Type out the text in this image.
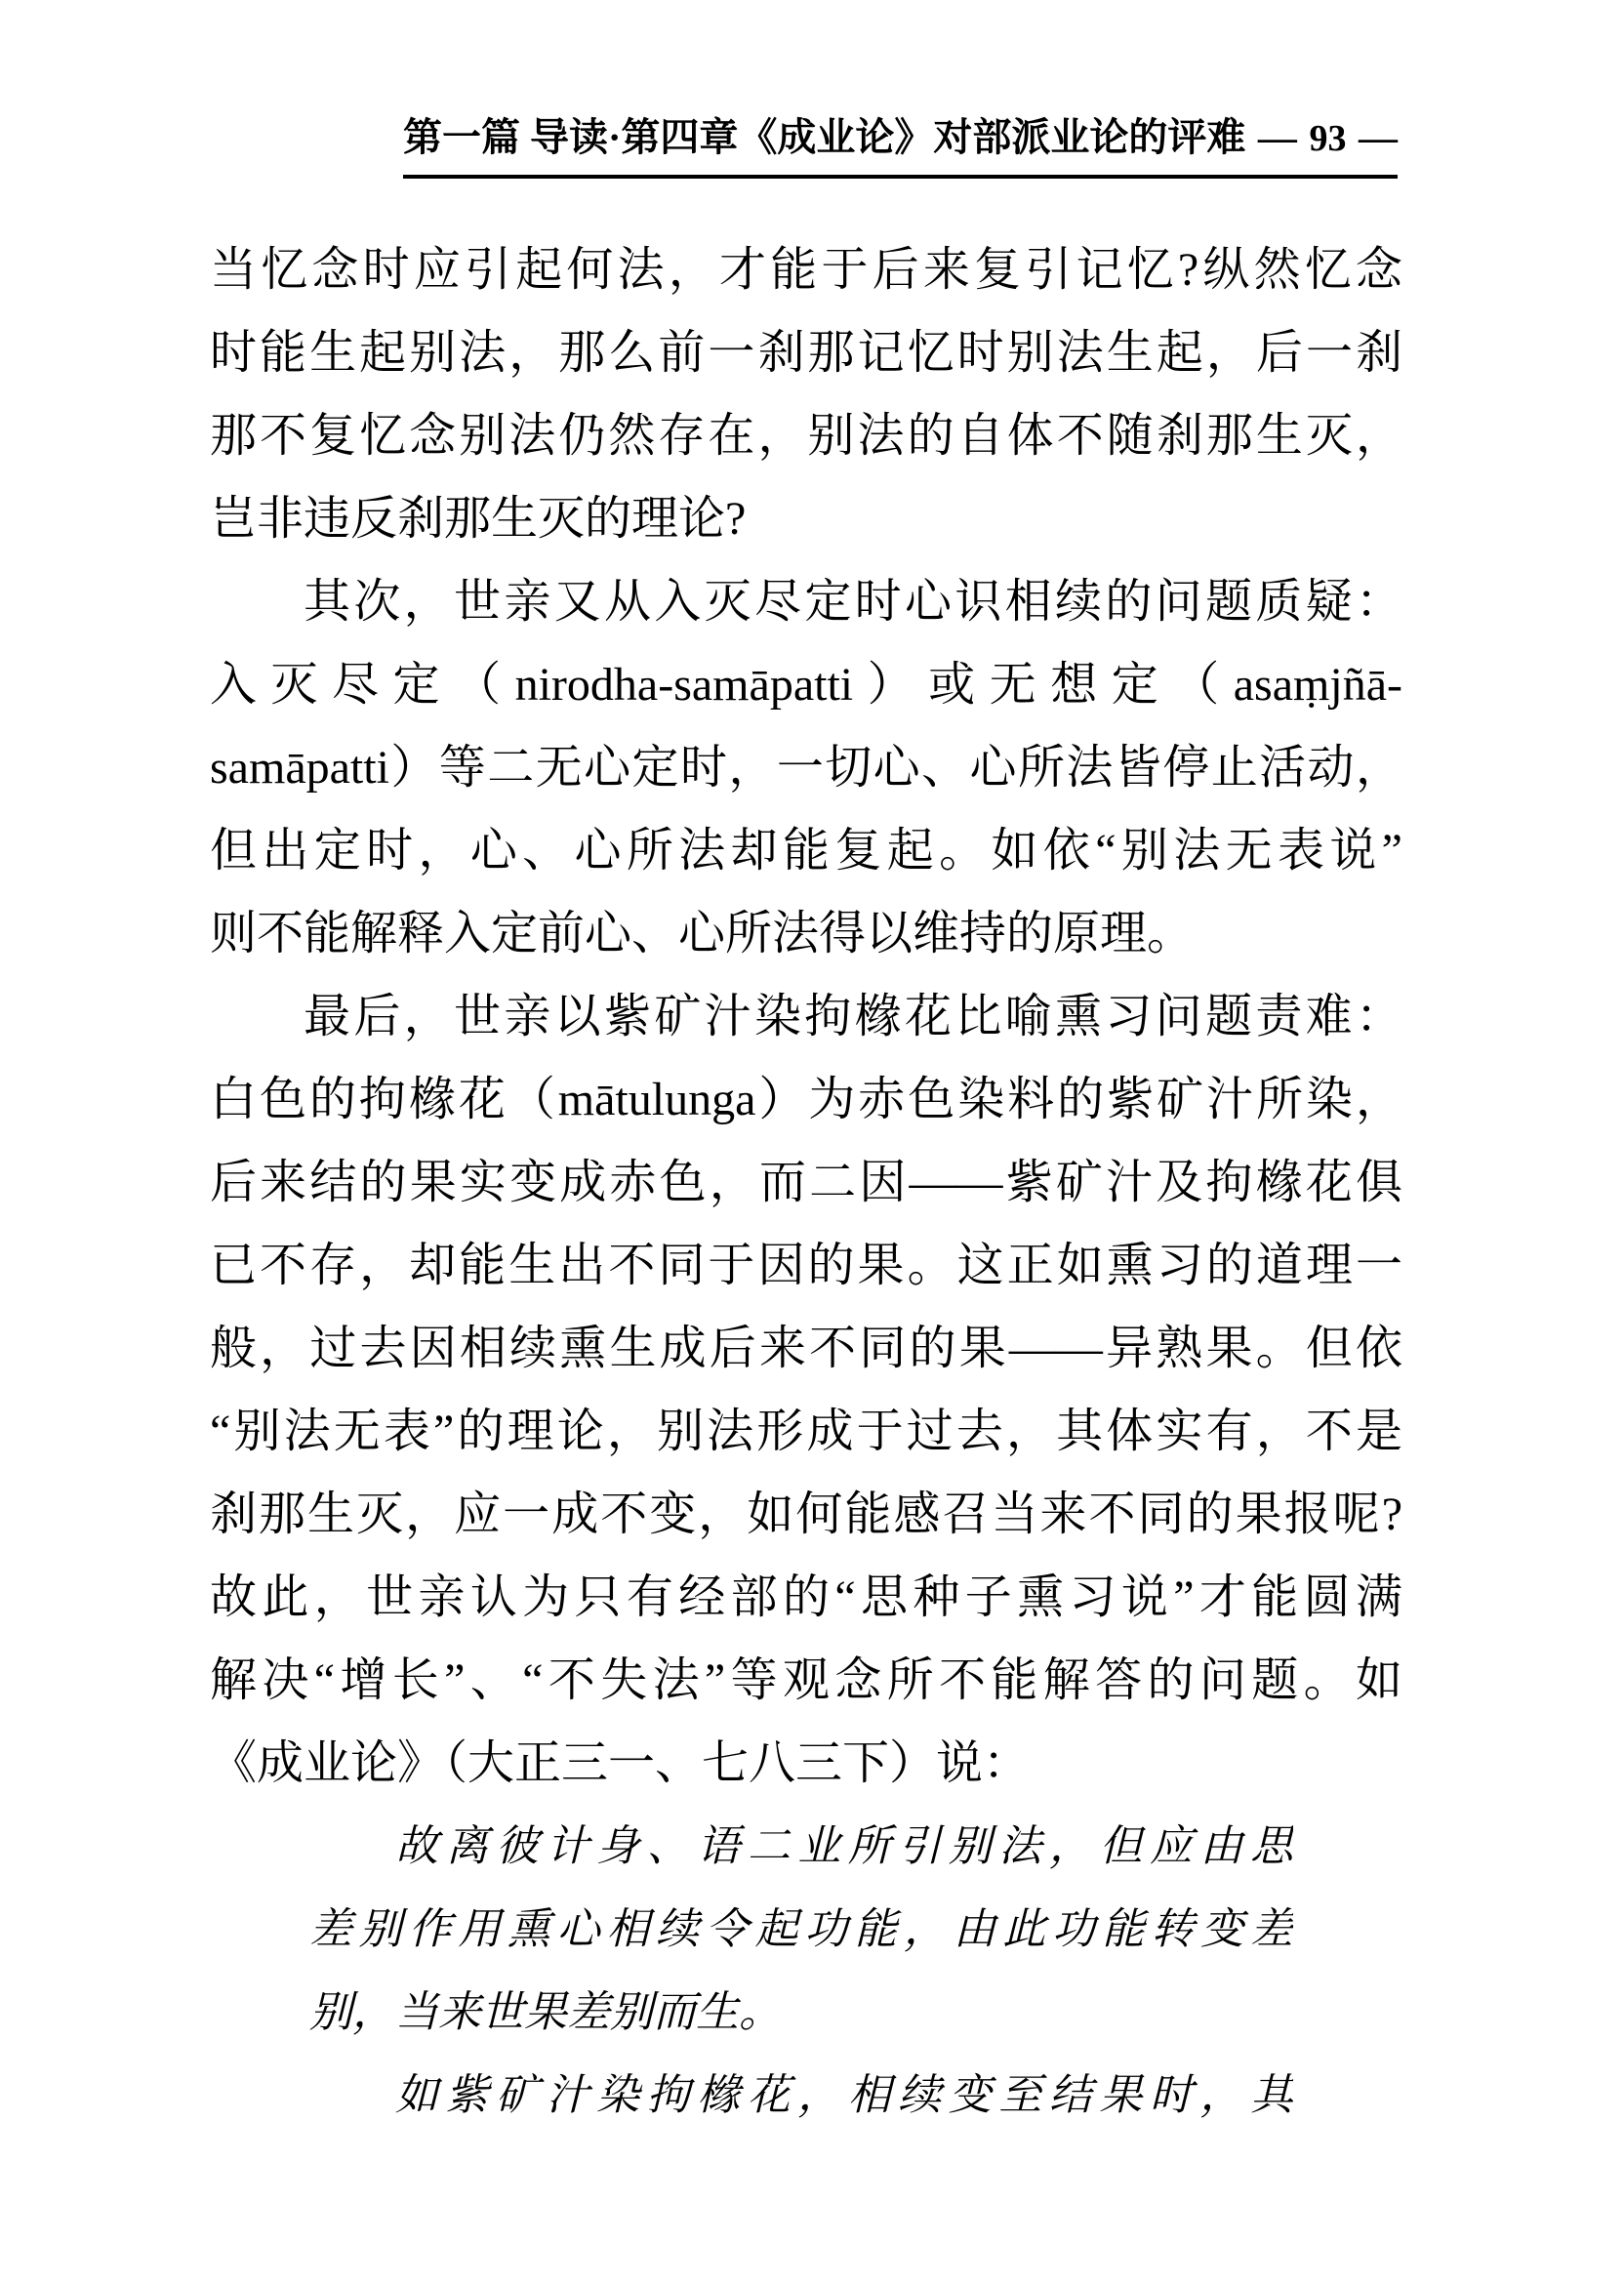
第一篇 导读·第四章《成业论》对部派业论的评难 — 93 —
当忆念时应引起何法，才能于后来复引记忆?纵然忆念
时能生起别法，那么前一刹那记忆时别法生起，后一刹
那不复忆念别法仍然存在，别法的自体不随刹那生灭，
岂非违反刹那生灭的理论?
其次，世亲又从入灭尽定时心识相续的问题质疑：
入灭尽定（nirodha-samāpatti）或无想定（asaṃjñā-
samāpatti）等二无心定时，一切心、心所法皆停止活动，
但出定时，心、心所法却能复起。如依“别法无表说”
则不能解释入定前心、心所法得以维持的原理。
最后，世亲以紫矿汁染拘橼花比喻熏习问题责难：
白色的拘橼花（mātulunga）为赤色染料的紫矿汁所染，
后来结的果实变成赤色，而二因——紫矿汁及拘橼花俱
已不存，却能生出不同于因的果。这正如熏习的道理一
般，过去因相续熏生成后来不同的果——异熟果。但依
“别法无表”的理论，别法形成于过去，其体实有，不是
刹那生灭，应一成不变，如何能感召当来不同的果报呢?
故此，世亲认为只有经部的“思种子熏习说”才能圆满
解决“增长”、“不失法”等观念所不能解答的问题。如
《成业论》（大正三一、七八三下）说：
故离彼计身、语二业所引别法，但应由思
差别作用熏心相续令起功能，由此功能转变差
别，当来世果差别而生。
如紫矿汁染拘橼花，相续变至结果时，其
